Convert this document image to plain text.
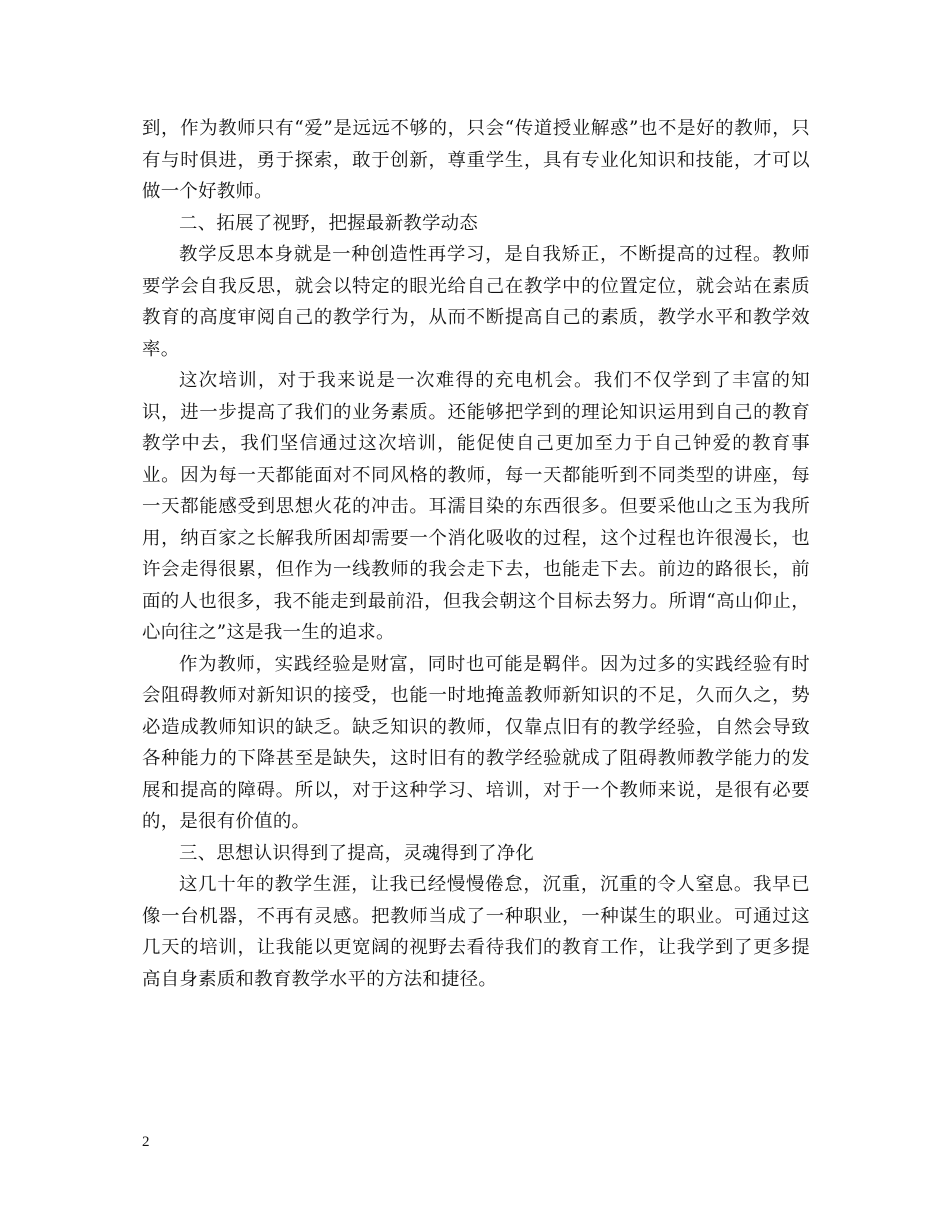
到，作为教师只有“爱”是远远不够的，只会“传道授业解惑”也不是好的教师，只有与时俱进，勇于探索，敢于创新，尊重学生，具有专业化知识和技能，才可以做一个好教师。

二、拓展了视野，把握最新教学动态

教学反思本身就是一种创造性再学习，是自我矫正，不断提高的过程。教师要学会自我反思，就会以特定的眼光给自己在教学中的位置定位，就会站在素质教育的高度审阅自己的教学行为，从而不断提高自己的素质，教学水平和教学效率。

这次培训，对于我来说是一次难得的充电机会。我们不仅学到了丰富的知识，进一步提高了我们的业务素质。还能够把学到的理论知识运用到自己的教育教学中去，我们坚信通过这次培训，能促使自己更加至力于自己钟爱的教育事业。因为每一天都能面对不同风格的教师，每一天都能听到不同类型的讲座，每一天都能感受到思想火花的冲击。耳濡目染的东西很多。但要采他山之玉为我所用，纳百家之长解我所困却需要一个消化吸收的过程，这个过程也许很漫长，也许会走得很累，但作为一线教师的我会走下去，也能走下去。前边的路很长，前面的人也很多，我不能走到最前沿，但我会朝这个目标去努力。所谓“高山仰止，心向往之”这是我一生的追求。

作为教师，实践经验是财富，同时也可能是羁伴。因为过多的实践经验有时会阻碍教师对新知识的接受，也能一时地掩盖教师新知识的不足，久而久之，势必造成教师知识的缺乏。缺乏知识的教师，仅靠点旧有的教学经验，自然会导致各种能力的下降甚至是缺失，这时旧有的教学经验就成了阻碍教师教学能力的发展和提高的障碍。所以，对于这种学习、培训，对于一个教师来说，是很有必要的，是很有价值的。

三、思想认识得到了提高，灵魂得到了净化

这几十年的教学生涯，让我已经慢慢倦怠，沉重，沉重的令人窒息。我早已像一台机器，不再有灵感。把教师当成了一种职业，一种谋生的职业。可通过这几天的培训，让我能以更宽阔的视野去看待我们的教育工作，让我学到了更多提高自身素质和教育教学水平的方法和捷径。

2
